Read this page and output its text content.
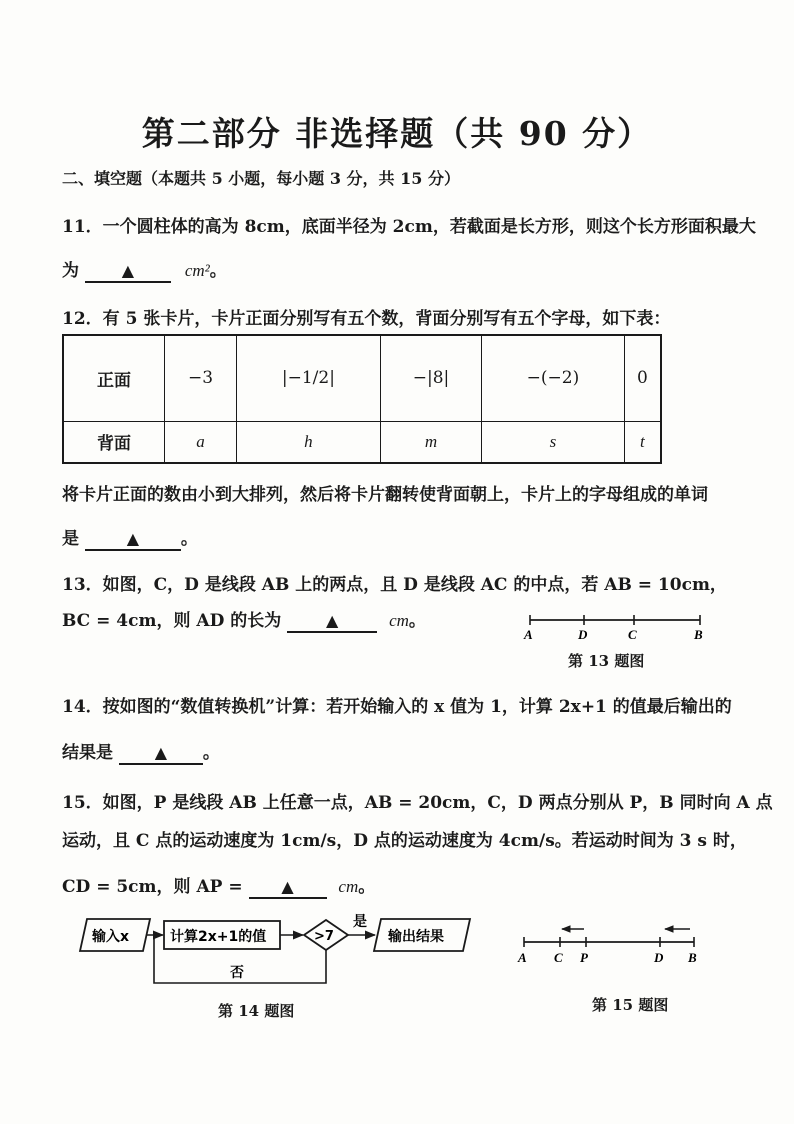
第二部分 非选择题（共 90 分）
二、填空题（本题共 5 小题，每小题 3 分，共 15 分）
11．一个圆柱体的高为 8cm，底面半径为 2cm，若截面是长方形，则这个长方形面积最大
为	▲	cm²。
12．有 5 张卡片，卡片正面分别写有五个数，背面分别写有五个字母，如下表：
正面	−3	|−1/2|	−|8|	−(−2)	0
背面	a	h	m	s	t
将卡片正面的数由小到大排列，然后将卡片翻转使背面朝上，卡片上的字母组成的单词
是	▲ 。
13．如图，C，D 是线段 AB 上的两点，且 D 是线段 AC 的中点，若 AB = 10cm，
BC = 4cm，则 AD 的长为	▲	cm。
A	D	C	B
第 13 题图
14．按如图的“数值转换机”计算：若开始输入的 x 值为 1，计算 2x+1 的值最后输出的
结果是	▲ 。
15．如图，P 是线段 AB 上任意一点，AB = 20cm，C，D 两点分别从 P，B 同时向 A 点
运动，且 C 点的运动速度为 1cm/s，D 点的运动速度为 4cm/s。若运动时间为 3 s 时，
CD = 5cm，则 AP = ▲	cm。
输入x	计算2x+1的值	>7
是
输出结果
否
第 14 题图
A C P	D B
第 15 题图
